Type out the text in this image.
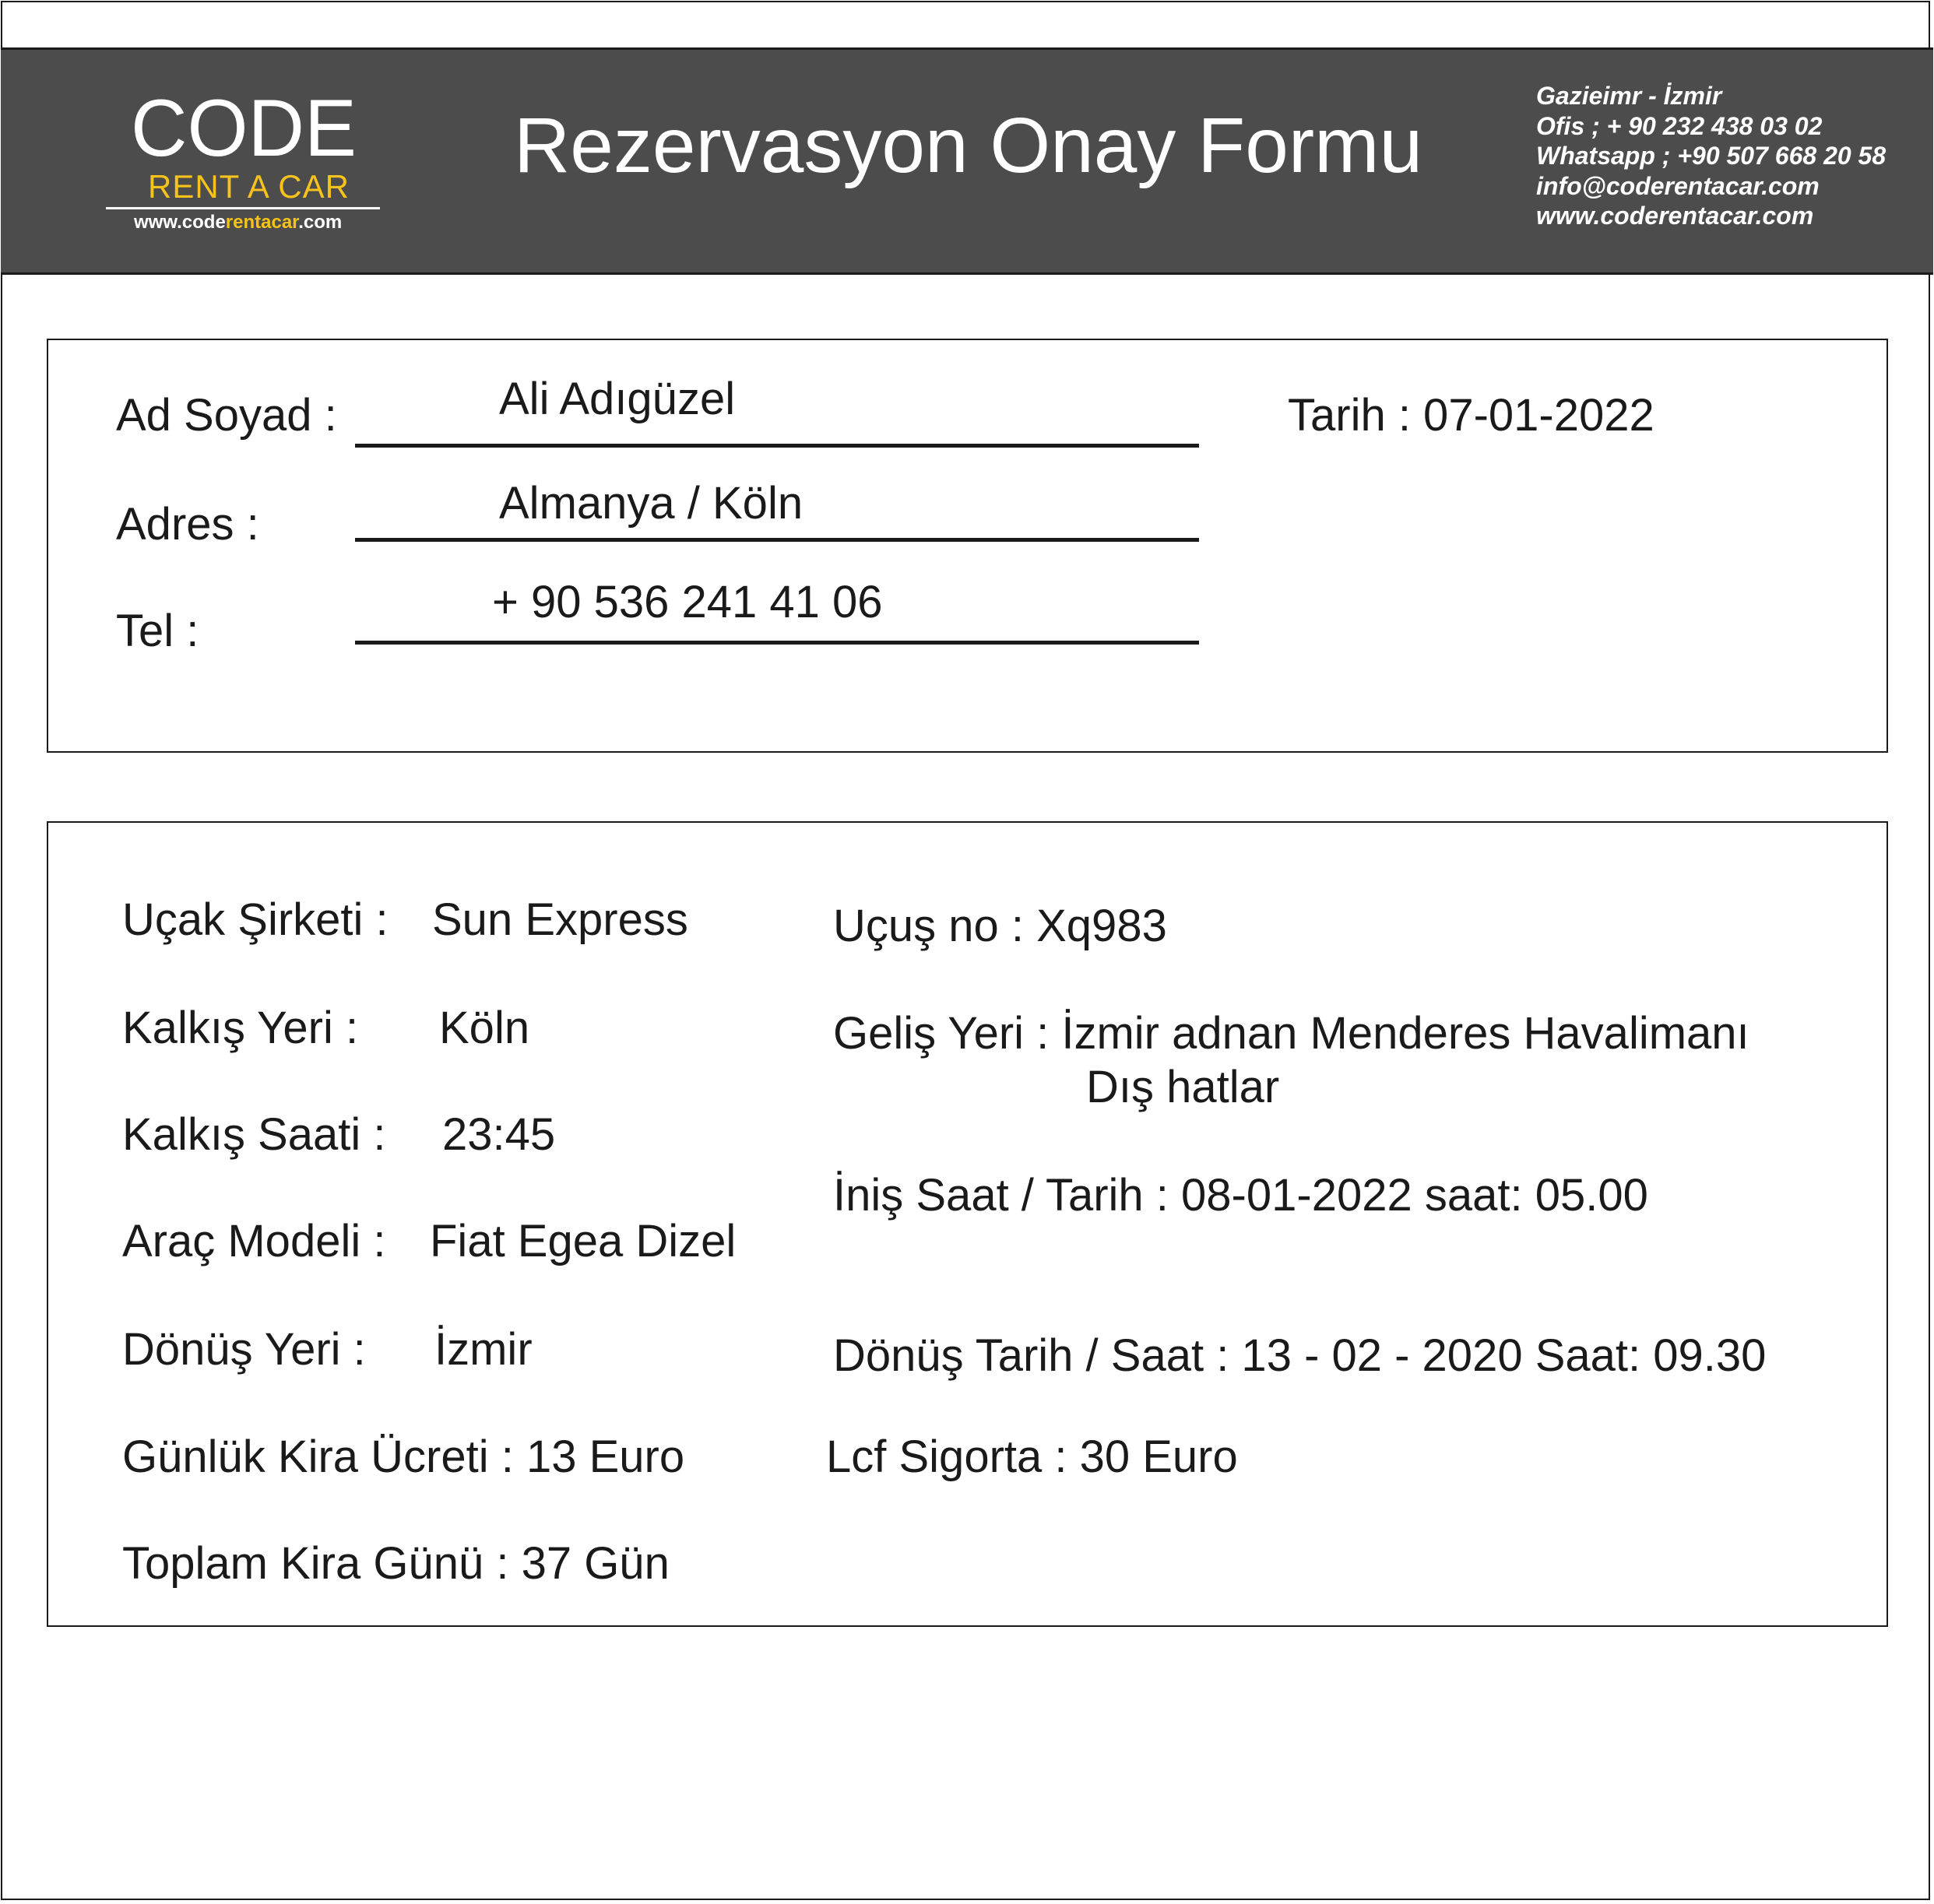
CODE
RENT A CAR
www.coderentacar.com
Rezervasyon Onay Formu
Gazieimr - İzmir
Ofis ; + 90 232 438 03 02
Whatsapp ; +90 507 668 20 58
info@coderentacar.com
www.coderentacar.com
Ad Soyad :	Ali Adıgüzel	Tarih : 07-01-2022
Adres :	Almanya / Köln
Tel :
+ 90 536 241 41 06
Uçak Şirketi : Sun Express	Uçuş no : Xq983
Kalkış Yeri : Köln	Geliş Yeri : İzmir adnan Menderes Havalimanı
Dış hatlar
Kalkış Saati : 23:45
İniş Saat / Tarih : 08-01-2022 saat: 05.00
Araç Modeli : Fiat Egea Dizel
Dönüş Yeri : İzmir	Dönüş Tarih / Saat : 13 - 02 - 2020 Saat: 09.30
Günlük Kira Ücreti : 13 Euro	Lcf Sigorta : 30 Euro
Toplam Kira Günü : 37 Gün
